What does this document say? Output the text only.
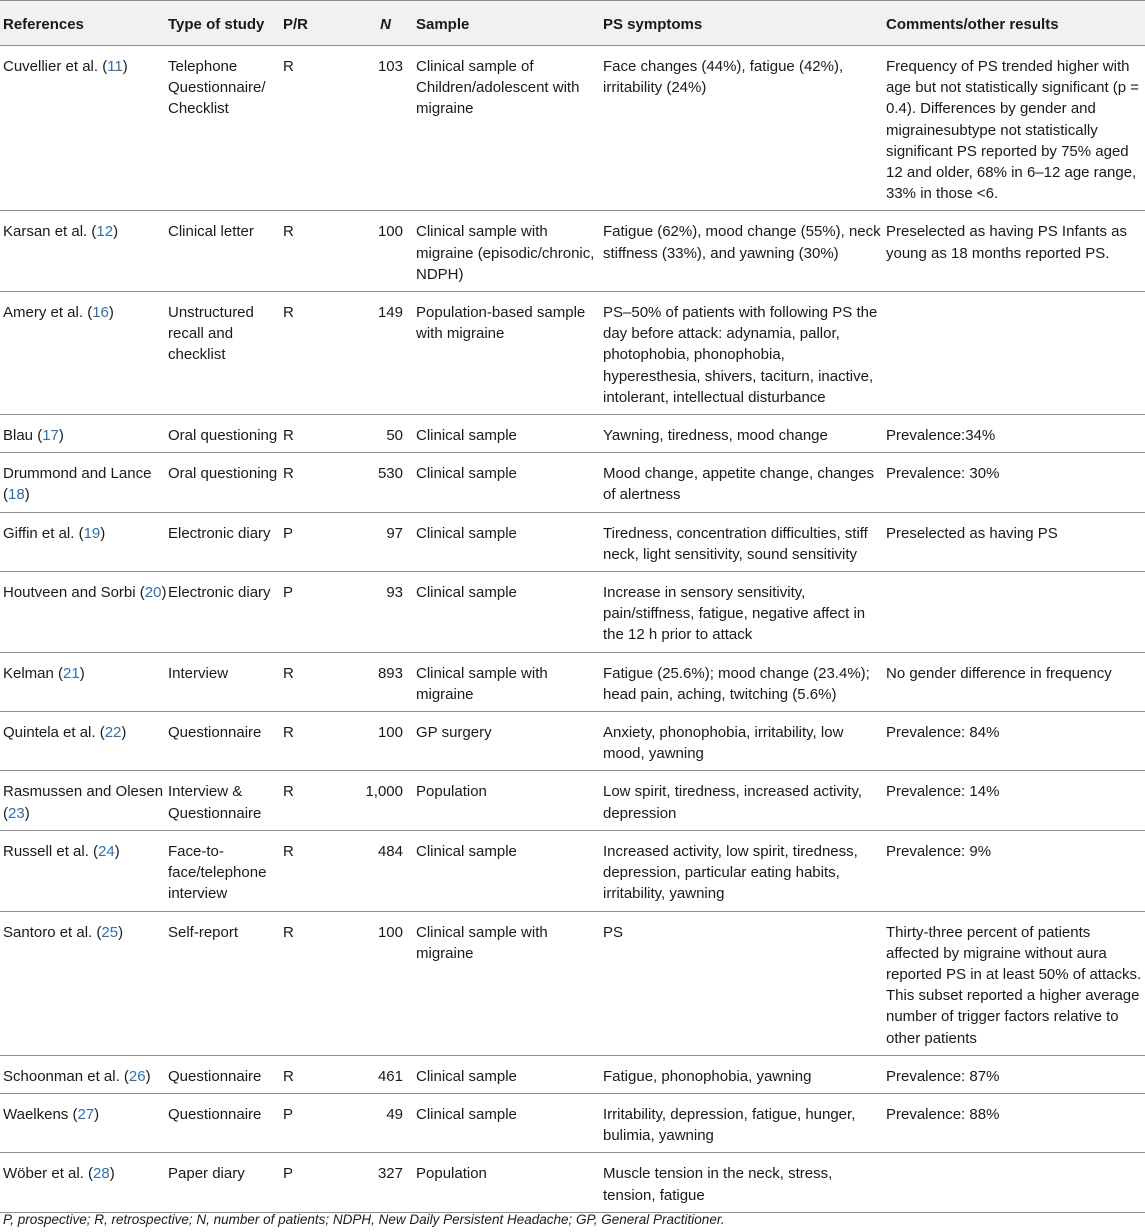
References	Type of study	P/R	N	Sample	PS symptoms	Comments/other results
Cuvellier et al. (11)	Telephone Questionnaire/ Checklist	R	103	Clinical sample of Children/adolescent with migraine	Face changes (44%), fatigue (42%), irritability (24%)	Frequency of PS trended higher with age but not statistically significant (p = 0.4). Differences by gender and migrainesubtype not statistically significant PS reported by 75% aged 12 and older, 68% in 6–12 age range, 33% in those <6.
Karsan et al. (12)	Clinical letter	R	100	Clinical sample with migraine (episodic/chronic, NDPH)	Fatigue (62%), mood change (55%), neck stiffness (33%), and yawning (30%)	Preselected as having PS Infants as young as 18 months reported PS.
Amery et al. (16)	Unstructured recall and checklist	R	149	Population-based sample with migraine	PS–50% of patients with following PS the day before attack: adynamia, pallor, photophobia, phonophobia, hyperesthesia, shivers, taciturn, inactive, intolerant, intellectual disturbance	
Blau (17)	Oral questioning	R	50	Clinical sample	Yawning, tiredness, mood change	Prevalence:34%
Drummond and Lance (18)	Oral questioning	R	530	Clinical sample	Mood change, appetite change, changes of alertness	Prevalence: 30%
Giffin et al. (19)	Electronic diary	P	97	Clinical sample	Tiredness, concentration difficulties, stiff neck, light sensitivity, sound sensitivity	Preselected as having PS
Houtveen and Sorbi (20)	Electronic diary	P	93	Clinical sample	Increase in sensory sensitivity, pain/stiffness, fatigue, negative affect in the 12 h prior to attack	
Kelman (21)	Interview	R	893	Clinical sample with migraine	Fatigue (25.6%); mood change (23.4%); head pain, aching, twitching (5.6%)	No gender difference in frequency
Quintela et al. (22)	Questionnaire	R	100	GP surgery	Anxiety, phonophobia, irritability, low mood, yawning	Prevalence: 84%
Rasmussen and Olesen (23)	Interview & Questionnaire	R	1,000	Population	Low spirit, tiredness, increased activity, depression	Prevalence: 14%
Russell et al. (24)	Face-to-face/telephone interview	R	484	Clinical sample	Increased activity, low spirit, tiredness, depression, particular eating habits, irritability, yawning	Prevalence: 9%
Santoro et al. (25)	Self-report	R	100	Clinical sample with migraine	PS	Thirty-three percent of patients affected by migraine without aura reported PS in at least 50% of attacks. This subset reported a higher average number of trigger factors relative to other patients
Schoonman et al. (26)	Questionnaire	R	461	Clinical sample	Fatigue, phonophobia, yawning	Prevalence: 87%
Waelkens (27)	Questionnaire	P	49	Clinical sample	Irritability, depression, fatigue, hunger, bulimia, yawning	Prevalence: 88%
Wöber et al. (28)	Paper diary	P	327	Population	Muscle tension in the neck, stress, tension, fatigue	
P, prospective; R, retrospective; N, number of patients; NDPH, New Daily Persistent Headache; GP, General Practitioner.
